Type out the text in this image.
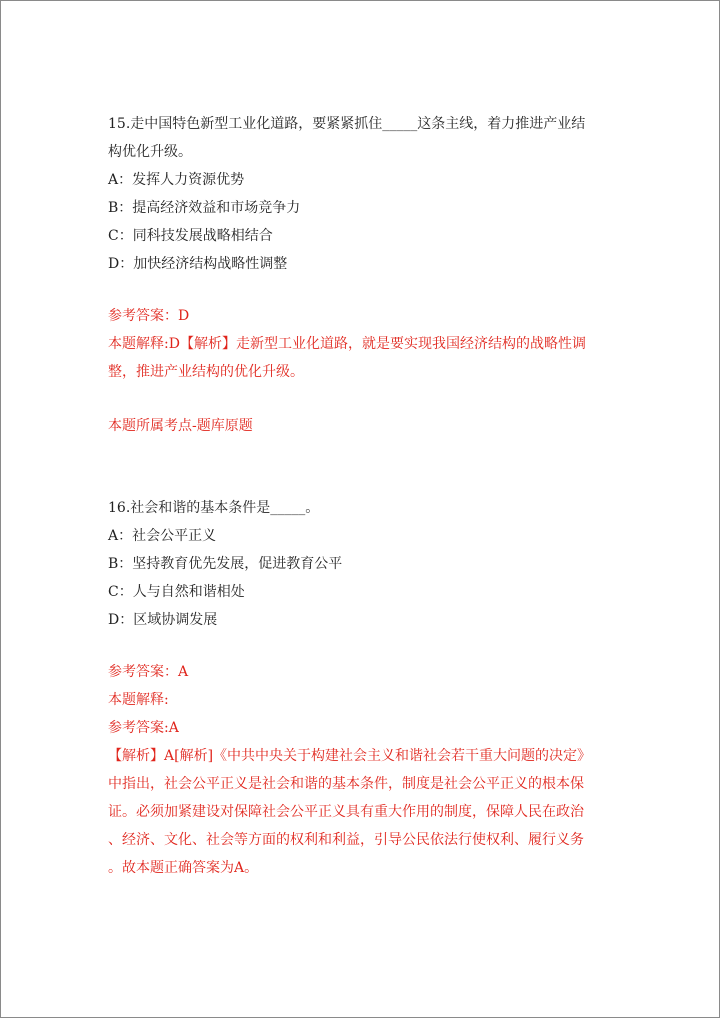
15.走中国特色新型工业化道路，要紧紧抓住_____这条主线，着力推进产业结
构优化升级。
A：发挥人力资源优势
B：提高经济效益和市场竞争力
C：同科技发展战略相结合
D：加快经济结构战略性调整
参考答案：D
本题解释:D【解析】走新型工业化道路，就是要实现我国经济结构的战略性调
整，推进产业结构的优化升级。
本题所属考点-题库原题
16.社会和谐的基本条件是_____。
A：社会公平正义
B：坚持教育优先发展，促进教育公平
C：人与自然和谐相处
D：区域协调发展
参考答案：A
本题解释:
参考答案:A
【解析】A[解析]《中共中央关于构建社会主义和谐社会若干重大问题的决定》
中指出，社会公平正义是社会和谐的基本条件，制度是社会公平正义的根本保
证。必须加紧建设对保障社会公平正义具有重大作用的制度，保障人民在政治
、经济、文化、社会等方面的权利和利益，引导公民依法行使权利、履行义务
。故本题正确答案为A。
